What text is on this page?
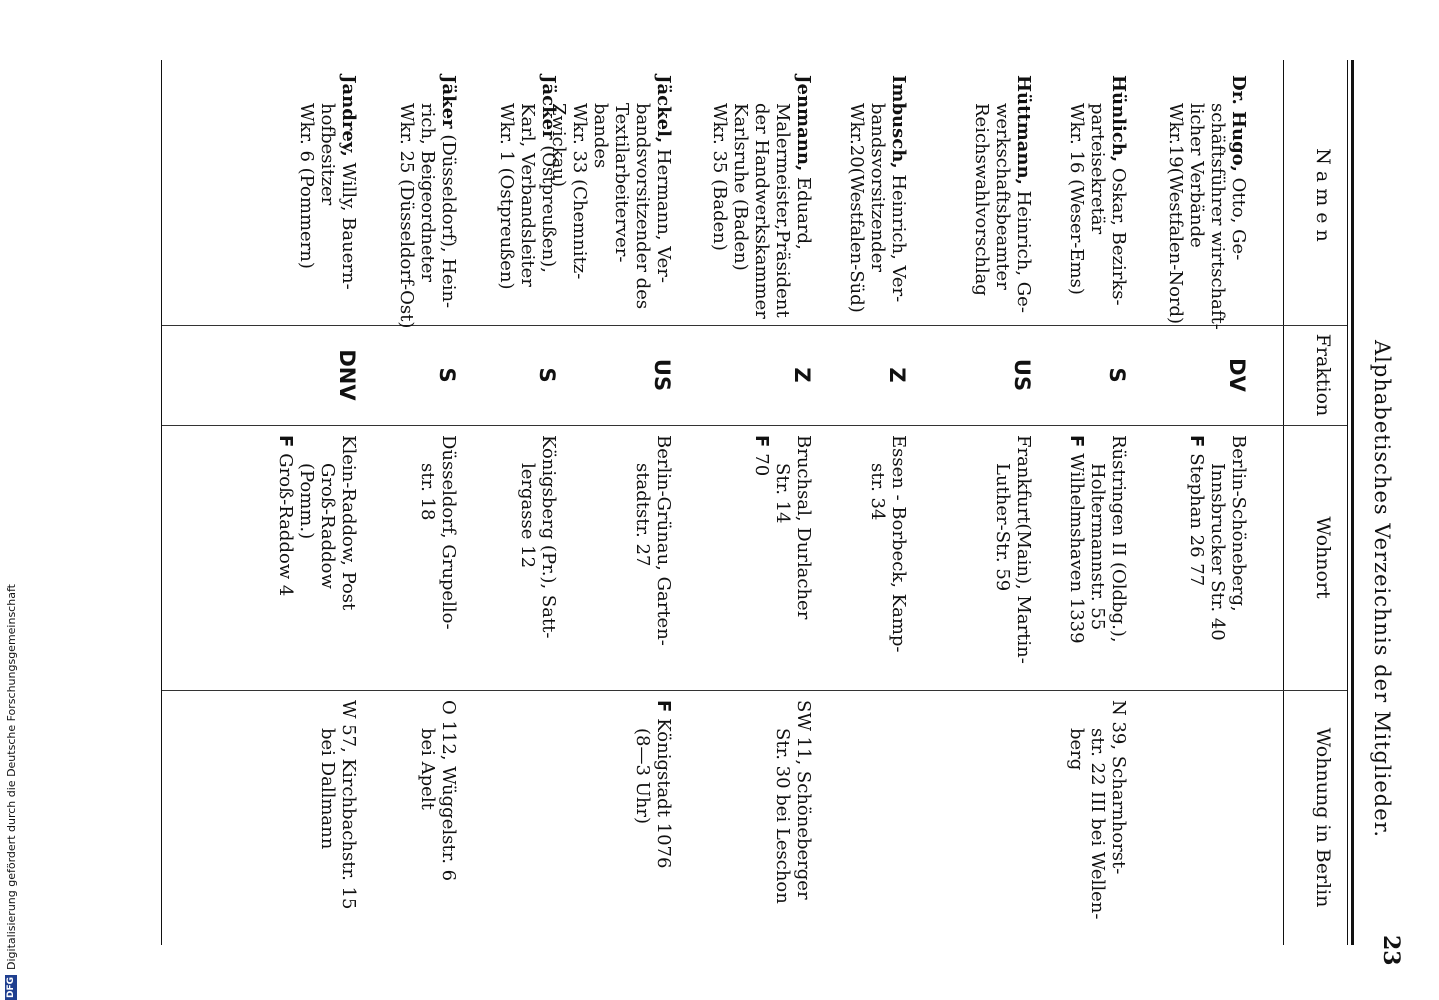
23
Alphabetisches Verzeichnis der Mitglieder.
N a m e n
Fraktion
Wohnort
Wohnung in Berlin
Dr. Hugo, Otto, Ge-
schäftsführer wirtschaft-
licher Verbände
Wkr.19(Westfalen-Nord)
DV
Berlin-Schöneberg,
Innsbrucker Str. 40
FStephan 26 77
Hünlich, Oskar, Bezirks-
parteisekretär
Wkr. 16 (Weser-Ems)
S
Rüstringen II (Oldbg.),
Holtermannstr. 55
FWilhelmshaven 1339
N 39, Scharnhorst-
str. 22 III bei Wellen-
berg
Hüttmann, Heinrich, Ge-
werkschaftsbeamter
Reichswahlvorschlag
US
Frankfurt(Main), Martin-
Luther-Str. 59
Imbusch, Heinrich, Ver-
bandsvorsitzender
Wkr.20(Westfalen-Süd)
Z
Essen - Borbeck, Kamp-
str. 34
Jenmann, Eduard,
Malermeister,Präsident
der Handwerkskammer
Karlsruhe (Baden)
Wkr. 35 (Baden)
Z
Bruchsal, Durlacher
Str. 14
F70
SW 11, Schöneberger
Str. 30 bei Leschon
Jäckel, Hermann, Ver-
bandsvorsitzender des
Textilarbeiterver-
bandes
Wkr. 33 (Chemnitz-
Zwickau)
US
Berlin-Grünau, Garten-
stadtstr. 27
FKönigstadt 1076
(8—3 Uhr)
Jäcker (Ostpreußen),
Karl, Verbandsleiter
Wkr. 1 (Ostpreußen)
S
Königsberg (Pr.), Satt-
lergasse 12
Jäker (Düsseldorf), Hein-
rich, Beigeordneter
Wkr. 25 (Düsseldorf-Ost)
S
Düsseldorf, Grupello-
str. 18
O 112, Wüggelstr. 6
bei Apelt
Jandrey, Willy, Bauern-
hofbesitzer
Wkr. 6 (Pommern)
DNV
Klein-Raddow, Post
Groß-Raddow
(Pomm.)
FGroß-Raddow 4
W 57, Kirchbachstr. 15
bei Dallmann
DFG
Digitalisierung gefördert durch die Deutsche Forschungsgemeinschaft
